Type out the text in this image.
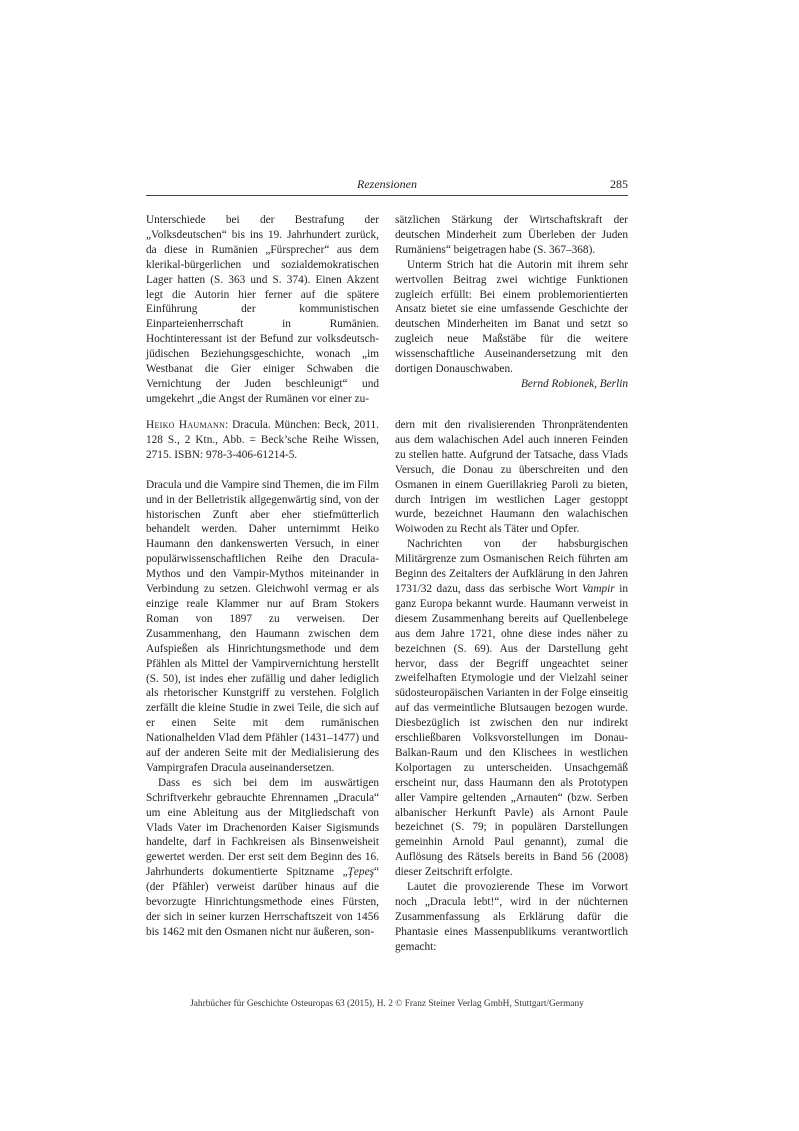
Rezensionen	285

Unterschiede bei der Bestrafung der „Volksdeutschen“ bis ins 19. Jahrhundert zurück, da diese in Rumänien „Fürsprecher“ aus dem klerikal-bürgerlichen und sozialdemokratischen Lager hatten (S. 363 und S. 374). Einen Akzent legt die Autorin hier ferner auf die spätere Einführung der kommunistischen Einparteienherrschaft in Rumänien. Hochtinteressant ist der Befund zur volksdeutsch-jüdischen Beziehungsgeschichte, wonach „im Westbanat die Gier einiger Schwaben die Vernichtung der Juden beschleunigt“ und umgekehrt „die Angst der Rumänen vor einer zu-

sätzlichen Stärkung der Wirtschaftskraft der deutschen Minderheit zum Überleben der Juden Rumäniens“ beigetragen habe (S. 367–368).

Unterm Strich hat die Autorin mit ihrem sehr wertvollen Beitrag zwei wichtige Funktionen zugleich erfüllt: Bei einem problemorientierten Ansatz bietet sie eine umfassende Geschichte der deutschen Minderheiten im Banat und setzt so zugleich neue Maßstäbe für die weitere wissenschaftliche Auseinandersetzung mit den dortigen Donauschwaben.

Bernd Robionek, Berlin

Heiko Haumann: Dracula. München: Beck, 2011. 128 S., 2 Ktn., Abb. = Beck’sche Reihe Wissen, 2715. ISBN: 978-3-406-61214-5.

Dracula und die Vampire sind Themen, die im Film und in der Belletristik allgegenwärtig sind, von der historischen Zunft aber eher stiefmütterlich behandelt werden. Daher unternimmt Heiko Haumann den dankenswerten Versuch, in einer populärwissenschaftlichen Reihe den Dracula-Mythos und den Vampir-Mythos miteinander in Verbindung zu setzen. Gleichwohl vermag er als einzige reale Klammer nur auf Bram Stokers Roman von 1897 zu verweisen. Der Zusammenhang, den Haumann zwischen dem Aufspießen als Hinrichtungsmethode und dem Pfählen als Mittel der Vampirvernichtung herstellt (S. 50), ist indes eher zufällig und daher lediglich als rhetorischer Kunstgriff zu verstehen. Folglich zerfällt die kleine Studie in zwei Teile, die sich auf er einen Seite mit dem rumänischen Nationalhelden Vlad dem Pfähler (1431–1477) und auf der anderen Seite mit der Medialisierung des Vampirgrafen Dracula auseinandersetzen.

Dass es sich bei dem im auswärtigen Schriftverkehr gebrauchte Ehrennamen „Dracula“ um eine Ableitung aus der Mitgliedschaft von Vlads Vater im Drachenorden Kaiser Sigismunds handelte, darf in Fachkreisen als Binsenweisheit gewertet werden. Der erst seit dem Beginn des 16. Jahrhunderts dokumentierte Spitzname „Ţepeş“ (der Pfähler) verweist darüber hinaus auf die bevorzugte Hinrichtungsmethode eines Fürsten, der sich in seiner kurzen Herrschaftszeit von 1456 bis 1462 mit den Osmanen nicht nur äußeren, son-

dern mit den rivalisierenden Thronprätendenten aus dem walachischen Adel auch inneren Feinden zu stellen hatte. Aufgrund der Tatsache, dass Vlads Versuch, die Donau zu überschreiten und den Osmanen in einem Guerillakrieg Paroli zu bieten, durch Intrigen im westlichen Lager gestoppt wurde, bezeichnet Haumann den walachischen Woiwoden zu Recht als Täter und Opfer.

Nachrichten von der habsburgischen Militärgrenze zum Osmanischen Reich führten am Beginn des Zeitalters der Aufklärung in den Jahren 1731/32 dazu, dass das serbische Wort Vampir in ganz Europa bekannt wurde. Haumann verweist in diesem Zusammenhang bereits auf Quellenbelege aus dem Jahre 1721, ohne diese indes näher zu bezeichnen (S. 69). Aus der Darstellung geht hervor, dass der Begriff ungeachtet seiner zweifelhaften Etymologie und der Vielzahl seiner südosteuropäischen Varianten in der Folge einseitig auf das vermeintliche Blutsaugen bezogen wurde. Diesbezüglich ist zwischen den nur indirekt erschließbaren Volksvorstellungen im Donau-Balkan-Raum und den Klischees in westlichen Kolportagen zu unterscheiden. Unsachgemäß erscheint nur, dass Haumann den als Prototypen aller Vampire geltenden „Arnauten“ (bzw. Serben albanischer Herkunft Pavle) als Arnont Paule bezeichnet (S. 79; in populären Darstellungen gemeinhin Arnold Paul genannt), zumal die Auflösung des Rätsels bereits in Band 56 (2008) dieser Zeitschrift erfolgte.

Lautet die provozierende These im Vorwort noch „Dracula lebt!“, wird in der nüchternen Zusammenfassung als Erklärung dafür die Phantasie eines Massenpublikums verantwortlich gemacht:

Jahrbücher für Geschichte Osteuropas 63 (2015), H. 2 © Franz Steiner Verlag GmbH, Stuttgart/Germany
